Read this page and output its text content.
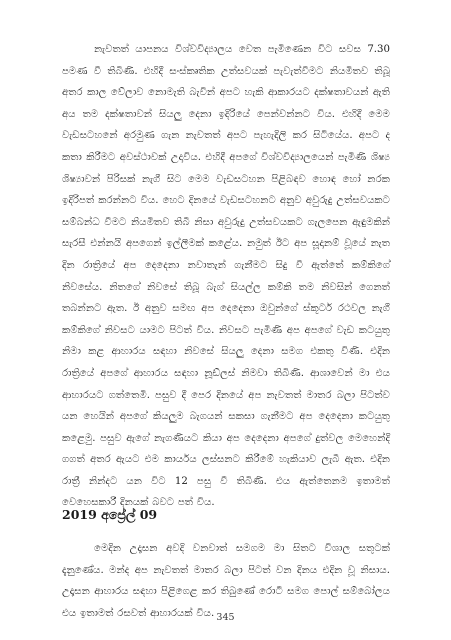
නැවතත් යාපනය විශ්වවිද්‍යාලය වෙත පැමිණෙන විට සවස 7.30 පමණ වී තිබිණි. එහිදී සංස්කෘතික උත්සවයක් පැවැත්වීමට නියමිතව තිබූ අතර කාල වේලාව නොමැති බැවින් අපට හැකි ආකාරයට දක්ෂතාවයන් ඇති අය තම දක්ෂතාවන් සියලු දෙනා ඉදිරියේ පෙන්වන්නට විය. එහිදී මෙම වැඩසටහනේ අරමුණ ගැන නැවතත් අපට පැහැදිලි කර සිටියේය. අපට ද කතා කිරීමට අවස්ථාවක් උදාවිය. එහිදී අපගේ විශ්වවිද්‍යාලයෙන් පැමිණි ශිෂ්‍ය ශිෂ්‍යාවන් පිරිසක් නැගී සිට මෙම වැඩසටහන පිළිබඳව හොඳ හෝ නරක ඉදිරිපත් කරන්නට විය. හෙට දිනයේ වැඩසටහනට අනුව අවුරුදු උත්සවයකට සම්බන්ධ වීමට නියමිතව තිබී නිසා අවුරුදු උත්සවයකට ගැලපෙන ඇඳුමකින් සැරසී එන්නයි අපගෙන් ඉල්ලීමක් කළේය. නමුත් ඊට අප සූදානම් වූයේ නැත දින රාත්‍රියේ අප දෙදෙනා නවාතැන් ගැනීමට සිදු වී ඇත්තේ කම්කිගේ නිවසේය. නිතගේ නිවසේ තිබූ බැග් සියල්ල කම්කි තම නිවසින් ගෙනත් තබන්නට ඇත. ඊ අනුව සමඟ අප දෙදෙනා ඔවුන්ගේ ස්කූටර් රථවල නැගී කම්කිගේ නිවසට යාමට පිටත් විය. නිවසට පැමිණි අප අපගේ වැඩ කටයුතු නිමා කළ ආහාරය සඳහා නිවසේ සියලු දෙනා සමග එකතු විණි. එදින රාත්‍රියේ අපගේ ආහාරය සඳහා නූඩ්ලස් නිමවා තිබිණි. ආශාවෙන් මා එය ආහාරයට ගත්තෙමි. පසුව දී පෙර දිනයේ අප නැවතත් මාතර බලා පිටත්ව යන හෙයින් අපගේ කියලුම බැගයන් සකසා ගැනීමට අප දෙදෙනා කටයුතු කළෙමු. පසුව ඇගේ නැගණියට කියා අප දෙදෙනා අපගේ දුත්වල මෙහෙන්දි ගගත් අතර ඇයට එම කාර්යය ලස්සනට කිරීමේ හැකියාව ලැබී ඇත. එදින රාත්‍රී නින්දට යන විට 12 පසු වී තිබිණි. එය ඇත්තෙනම ඉතාමත් වෙහෙසකාරී දිනයක් බවට පත් විය.

2019 අප්‍රේල් 09

මෙදින උදෑසන අවදි වනවාත් සමගම මා සිතට විශාල සතුටක් දැනුණේය. මන්ද අප නැවතත් මාතර බලා පිටත් වන දිනය එදින වූ නිසාය. උදෑසන ආහාරය සඳහා පිළිගෙළ කර තිබුණේ රොටී සමග පොල් සම්බෝලය එය ඉතාමත් රසවත් ආහාරයක් විය. 345
